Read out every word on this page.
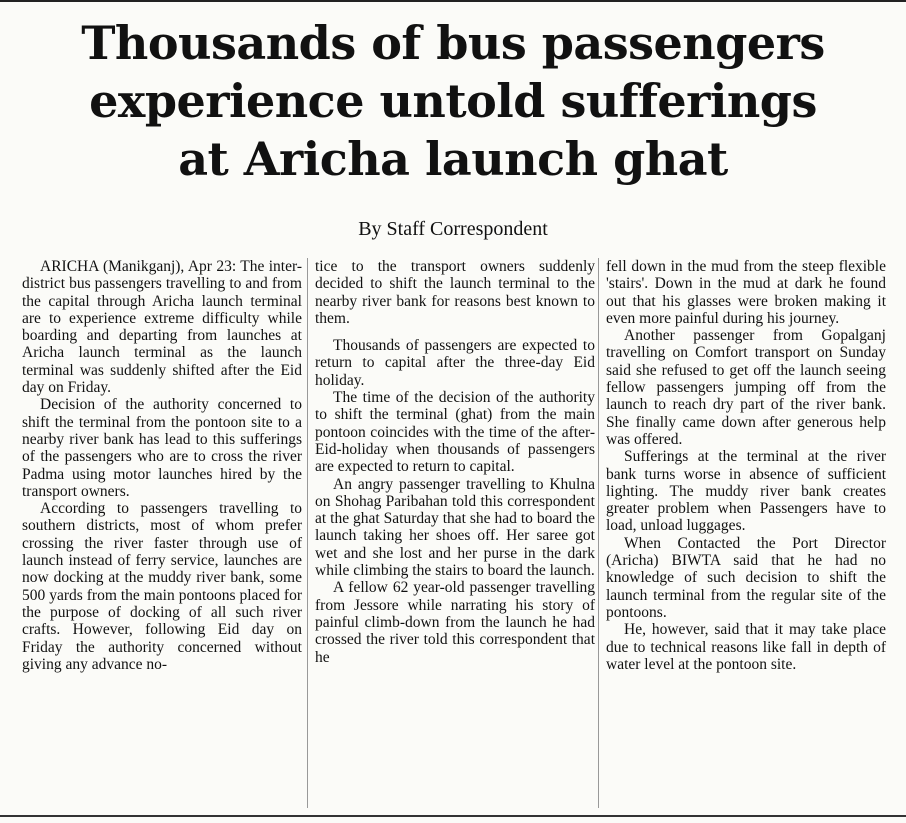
Thousands of bus passengers
experience untold sufferings
at Aricha launch ghat

By Staff Correspondent

ARICHA (Manikganj), Apr 23: The inter-district bus passengers travelling to and from the capital through Aricha launch terminal are to experience extreme difficulty while boarding and departing from launches at Aricha launch terminal as the launch terminal was suddenly shifted after the Eid day on Friday.

Decision of the authority concerned to shift the terminal from the pontoon site to a nearby river bank has lead to this sufferings of the passengers who are to cross the river Padma using motor launches hired by the transport owners.

According to passengers travelling to southern districts, most of whom prefer crossing the river faster through use of launch instead of ferry service, launches are now docking at the muddy river bank, some 500 yards from the main pontoons placed for the purpose of docking of all such river crafts. However, following Eid day on Friday the authority concerned without giving any advance no-

tice to the transport owners suddenly decided to shift the launch terminal to the nearby river bank for reasons best known to them.

Thousands of passengers are expected to return to capital after the three-day Eid holiday.

The time of the decision of the authority to shift the terminal (ghat) from the main pontoon coincides with the time of the after-Eid-holiday when thousands of passengers are expected to return to capital.

An angry passenger travelling to Khulna on Shohag Paribahan told this correspondent at the ghat Saturday that she had to board the launch taking her shoes off. Her saree got wet and she lost and her purse in the dark while climbing the stairs to board the launch.

A fellow 62 year-old passenger travelling from Jessore while narrating his story of painful climb-down from the launch he had crossed the river told this correspondent that he

fell down in the mud from the steep flexible 'stairs'. Down in the mud at dark he found out that his glasses were broken making it even more painful during his journey.

Another passenger from Gopalganj travelling on Comfort transport on Sunday said she refused to get off the launch seeing fellow passengers jumping off from the launch to reach dry part of the river bank. She finally came down after generous help was offered.

Sufferings at the terminal at the river bank turns worse in absence of sufficient lighting. The muddy river bank creates greater problem when Passengers have to load, unload luggages.

When Contacted the Port Director (Aricha) BIWTA said that he had no knowledge of such decision to shift the launch terminal from the regular site of the pontoons.

He, however, said that it may take place due to technical reasons like fall in depth of water level at the pontoon site.
